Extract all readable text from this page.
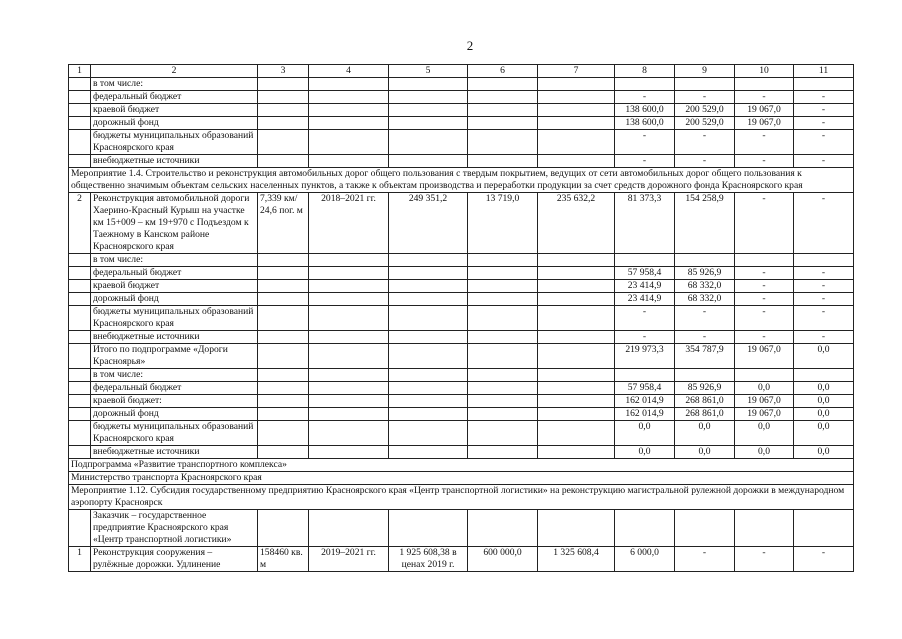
2
1	2	3	4	5	6	7	8	9	10	11
	в том числе:									
	федеральный бюджет						-	-	-	-
	краевой бюджет						138 600,0	200 529,0	19 067,0	-
	дорожный фонд						138 600,0	200 529,0	19 067,0	-
	бюджеты муниципальных образований Красноярского края						-	-	-	-
	внебюджетные источники						-	-	-	-
Мероприятие 1.4. Строительство и реконструкция автомобильных дорог общего пользования с твердым покрытием, ведущих от сети автомобильных дорог общего пользования к общественно значимым объектам сельских населенных пунктов, а также к объектам производства и переработки продукции за счет средств дорожного фонда Красноярского края										
2	Реконструкция автомобильной дороги Хаерино-Красный Курыш на участке км 15+009 – км 19+970 с Подъездом к Таежному в Канском районе Красноярского края	7,339 км/ 24,6 пог. м	2018–2021 гг.	249 351,2	13 719,0	235 632,2	81 373,3	154 258,9	-	-
	в том числе:									
	федеральный бюджет						57 958,4	85 926,9	-	-
	краевой бюджет						23 414,9	68 332,0	-	-
	дорожный фонд						23 414,9	68 332,0	-	-
	бюджеты муниципальных образований Красноярского края						-	-	-	-
	внебюджетные источники						-	-	-	-
	Итого по подпрограмме «Дороги Красноярья»						219 973,3	354 787,9	19 067,0	0,0
	в том числе:									
	федеральный бюджет						57 958,4	85 926,9	0,0	0,0
	краевой бюджет:						162 014,9	268 861,0	19 067,0	0,0
	дорожный фонд						162 014,9	268 861,0	19 067,0	0,0
	бюджеты муниципальных образований Красноярского края						0,0	0,0	0,0	0,0
	внебюджетные источники						0,0	0,0	0,0	0,0
Подпрограмма «Развитие транспортного комплекса»										
Министерство транспорта Красноярского края										
Мероприятие 1.12. Субсидия государственному предприятию Красноярского края «Центр транспортной логистики» на реконструкцию магистральной рулежной дорожки в международном аэропорту Красноярск										
	Заказчик – государственное предприятие Красноярского края «Центр транспортной логистики»									
1	Реконструкция сооружения – рулёжные дорожки. Удлинение	158460 кв. м	2019–2021 гг.	1 925 608,38 в ценах 2019 г.	600 000,0	1 325 608,4	6 000,0	-	-	-
